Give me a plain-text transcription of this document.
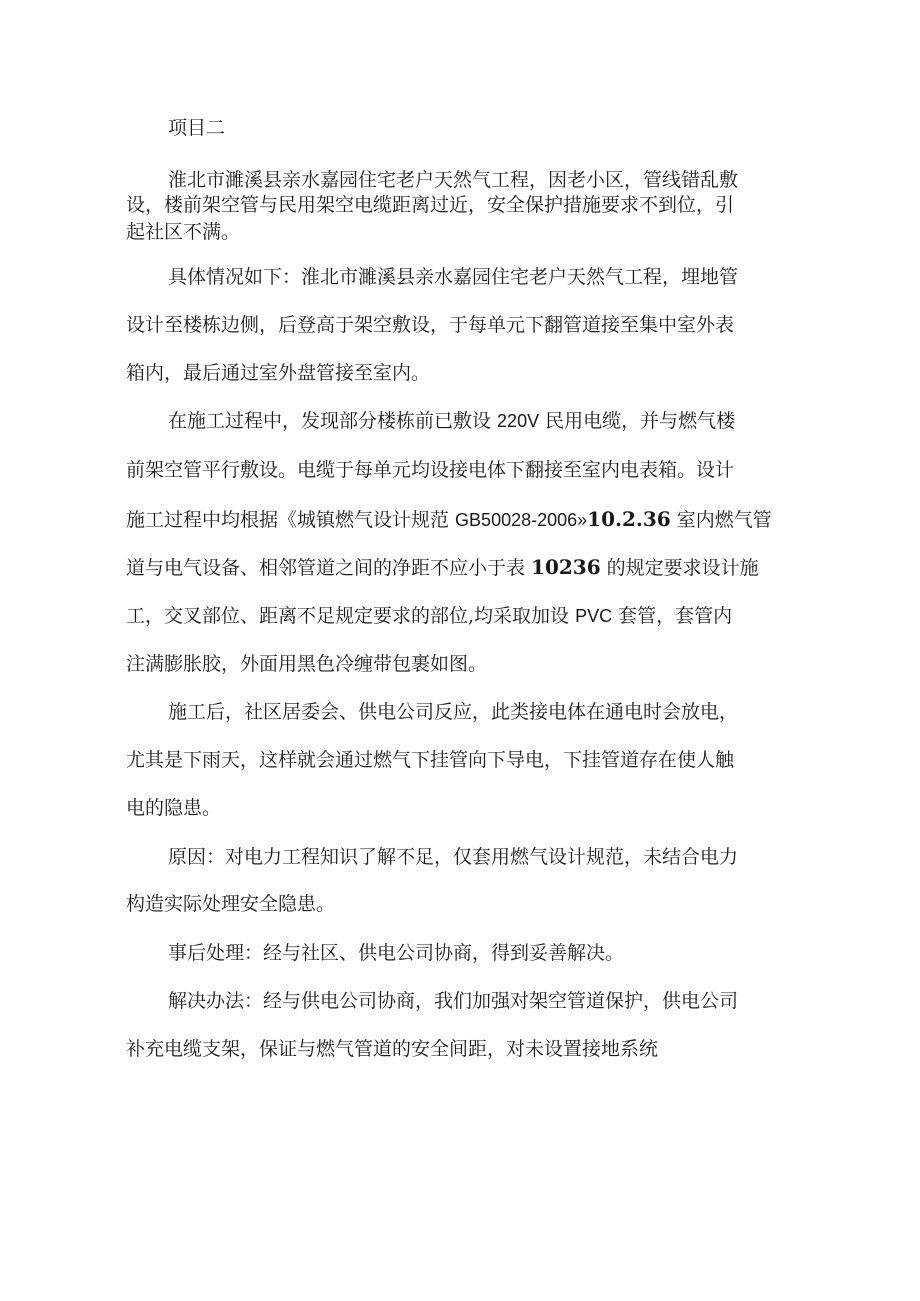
项目二

淮北市濉溪县亲水嘉园住宅老户天然气工程，因老小区，管线错乱敷

设，楼前架空管与民用架空电缆距离过近，安全保护措施要求不到位，引

起社区不满。

具体情况如下：淮北市濉溪县亲水嘉园住宅老户天然气工程，埋地管

设计至楼栋边侧，后登高于架空敷设，于每单元下翻管道接至集中室外表

箱内，最后通过室外盘管接至室内。

在施工过程中，发现部分楼栋前已敷设 220V 民用电缆，并与燃气楼

前架空管平行敷设。电缆于每单元均设接电体下翻接至室内电表箱。设计

施工过程中均根据《城镇燃气设计规范 GB50028-2006»10.2.36 室内燃气管

道与电气设备、相邻管道之间的净距不应小于表 10236 的规定要求设计施

工，交叉部位、距离不足规定要求的部位,均采取加设 PVC 套管，套管内

注满膨胀胶，外面用黑色冷缠带包裹如图。

施工后，社区居委会、供电公司反应，此类接电体在通电时会放电，

尤其是下雨天，这样就会通过燃气下挂管向下导电，下挂管道存在使人触

电的隐患。

原因：对电力工程知识了解不足，仅套用燃气设计规范，未结合电力

构造实际处理安全隐患。

事后处理：经与社区、供电公司协商，得到妥善解决。

解决办法：经与供电公司协商，我们加强对架空管道保护，供电公司

补充电缆支架，保证与燃气管道的安全间距，对未设置接地系统
